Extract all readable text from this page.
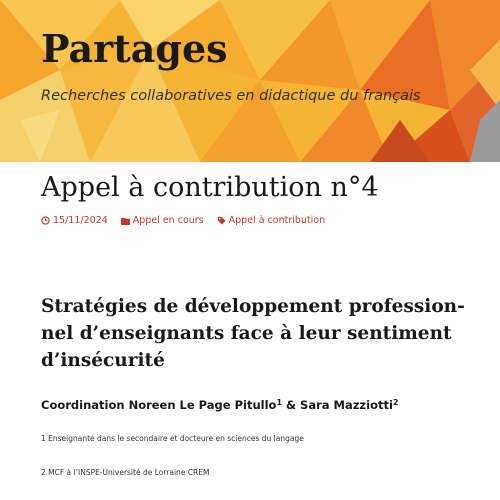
Partages

Recherches collaboratives en didactique du français

Appel à contribution n°4
15/11/2024	Appel en cours	Appel à contribution
Stratégies de développement profession-
nel d’enseignants face à leur sentiment
d’insécurité

Coordination Noreen Le Page Pitullo$^1$ & Sara Mazziotti$^2$

1 Enseignante dans le secondaire et docteure en sciences du langage

2 MCF à l’INSPE-Université de Lorraine CREM
